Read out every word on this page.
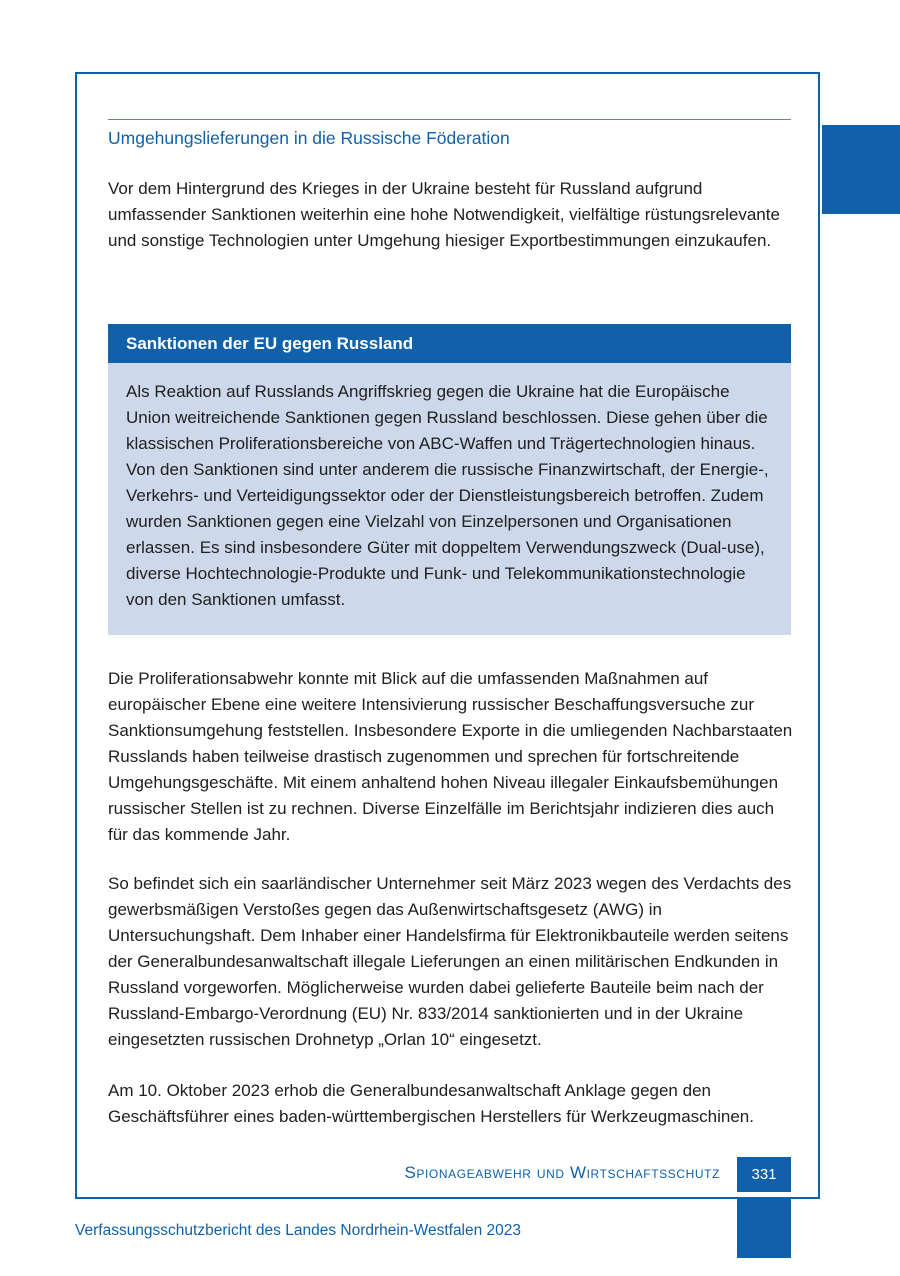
Umgehungslieferungen in die Russische Föderation

Vor dem Hintergrund des Krieges in der Ukraine besteht für Russland aufgrund umfassender Sanktionen weiterhin eine hohe Notwendigkeit, vielfältige rüstungsrelevante und sonstige Technologien unter Umgehung hiesiger Exportbestimmungen einzukaufen.

Sanktionen der EU gegen Russland
Als Reaktion auf Russlands Angriffskrieg gegen die Ukraine hat die Europäische Union weitreichende Sanktionen gegen Russland beschlossen. Diese gehen über die klassischen Proliferationsbereiche von ABC-Waffen und Trägertechnologien hinaus. Von den Sanktionen sind unter anderem die russische Finanzwirtschaft, der Energie-, Verkehrs- und Verteidigungssektor oder der Dienstleistungsbereich betroffen. Zudem wurden Sanktionen gegen eine Vielzahl von Einzelpersonen und Organisationen erlassen. Es sind insbesondere Güter mit doppeltem Verwendungszweck (Dual-use), diverse Hochtechnologie-Produkte und Funk- und Telekommunikationstechnologie von den Sanktionen umfasst.

Die Proliferationsabwehr konnte mit Blick auf die umfassenden Maßnahmen auf europäischer Ebene eine weitere Intensivierung russischer Beschaffungsversuche zur Sanktionsumgehung feststellen. Insbesondere Exporte in die umliegenden Nachbarstaaten Russlands haben teilweise drastisch zugenommen und sprechen für fortschreitende Umgehungsgeschäfte. Mit einem anhaltend hohen Niveau illegaler Einkaufsbemühungen russischer Stellen ist zu rechnen. Diverse Einzelfälle im Berichtsjahr indizieren dies auch für das kommende Jahr.

So befindet sich ein saarländischer Unternehmer seit März 2023 wegen des Verdachts des gewerbsmäßigen Verstoßes gegen das Außenwirtschaftsgesetz (AWG) in Untersuchungshaft. Dem Inhaber einer Handelsfirma für Elektronikbauteile werden seitens der Generalbundesanwaltschaft illegale Lieferungen an einen militärischen Endkunden in Russland vorgeworfen. Möglicherweise wurden dabei gelieferte Bauteile beim nach der Russland-Embargo-Verordnung (EU) Nr. 833/2014 sanktionierten und in der Ukraine eingesetzten russischen Drohnetyp „Orlan 10“ eingesetzt.

Am 10. Oktober 2023 erhob die Generalbundesanwaltschaft Anklage gegen den Geschäftsführer eines baden-württembergischen Herstellers für Werkzeugmaschinen.

Spionageabwehr und Wirtschaftsschutz	331
Verfassungsschutzbericht des Landes Nordrhein-Westfalen 2023
